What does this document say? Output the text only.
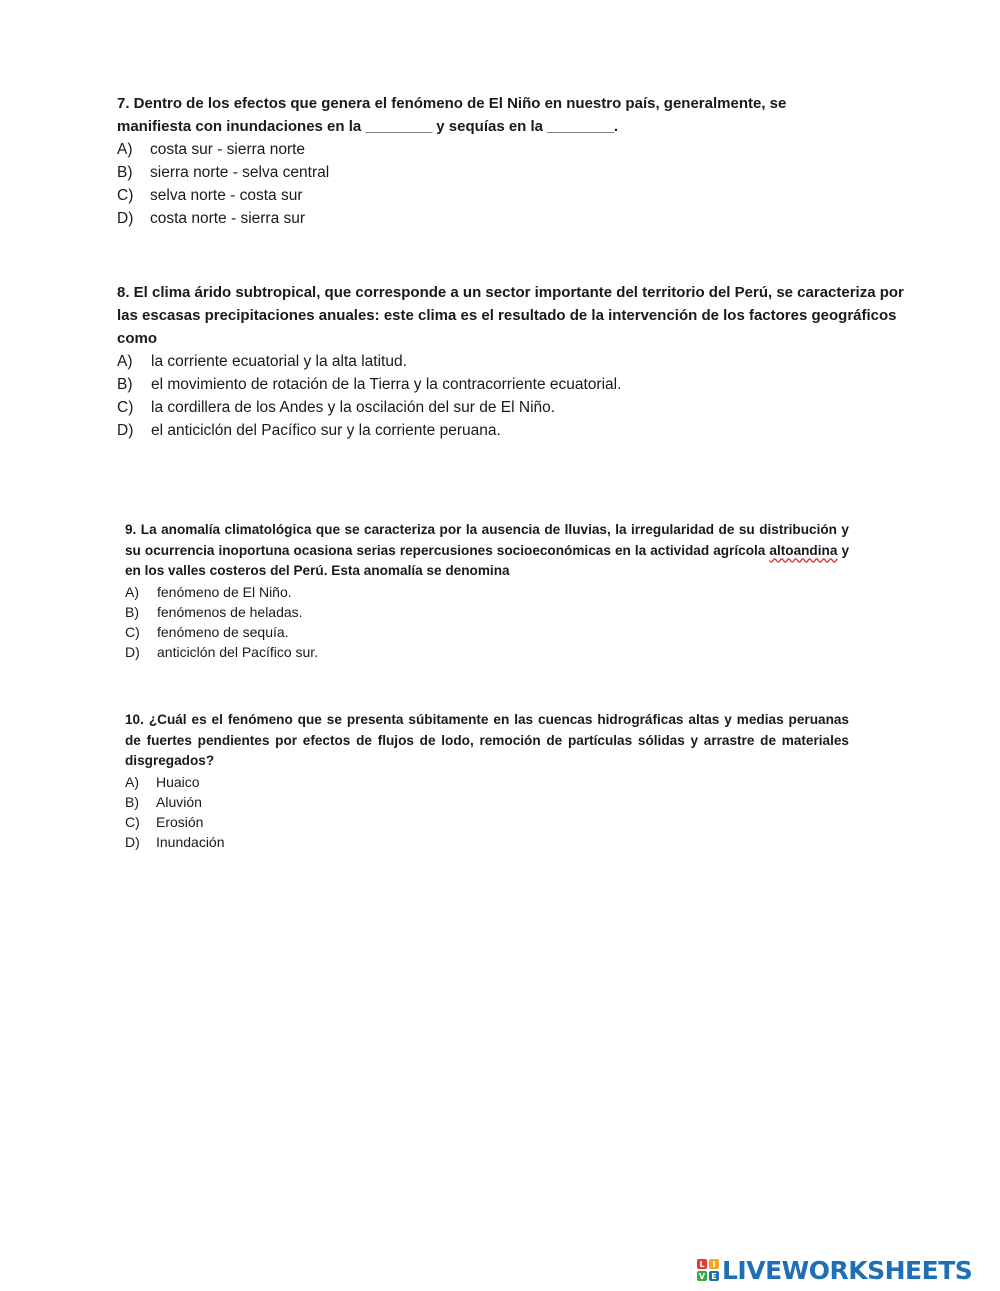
7. Dentro de los efectos que genera el fenómeno de El Niño en nuestro país, generalmente, se manifiesta con inundaciones en la ________ y sequías en la ________.

A)	costa sur - sierra norte
B)	sierra norte - selva central
C)	selva norte - costa sur
D)	costa norte - sierra sur

8. El clima árido subtropical, que corresponde a un sector importante del territorio del Perú, se caracteriza por las escasas precipitaciones anuales: este clima es el resultado de la intervención de los factores geográficos como

A)	la corriente ecuatorial y la alta latitud.
B)	el movimiento de rotación de la Tierra y la contracorriente ecuatorial.
C)	la cordillera de los Andes y la oscilación del sur de El Niño.
D)	el anticiclón del Pacífico sur y la corriente peruana.

9. La anomalía climatológica que se caracteriza por la ausencia de lluvias, la irregularidad de su distribución y su ocurrencia inoportuna ocasiona serias repercusiones socioeconómicas en la actividad agrícola altoandina y en los valles costeros del Perú. Esta anomalía se denomina

A)	fenómeno de El Niño.
B)	fenómenos de heladas.
C)	fenómeno de sequía.
D)	anticiclón del Pacífico sur.

10. ¿Cuál es el fenómeno que se presenta súbitamente en las cuencas hidrográficas altas y medias peruanas de fuertes pendientes por efectos de flujos de lodo, remoción de partículas sólidas y arrastre de materiales disgregados?

A)	Huaico
B)	Aluvión
C)	Erosión
D)	Inundación
L I
V E LIVEWORKSHEETS
